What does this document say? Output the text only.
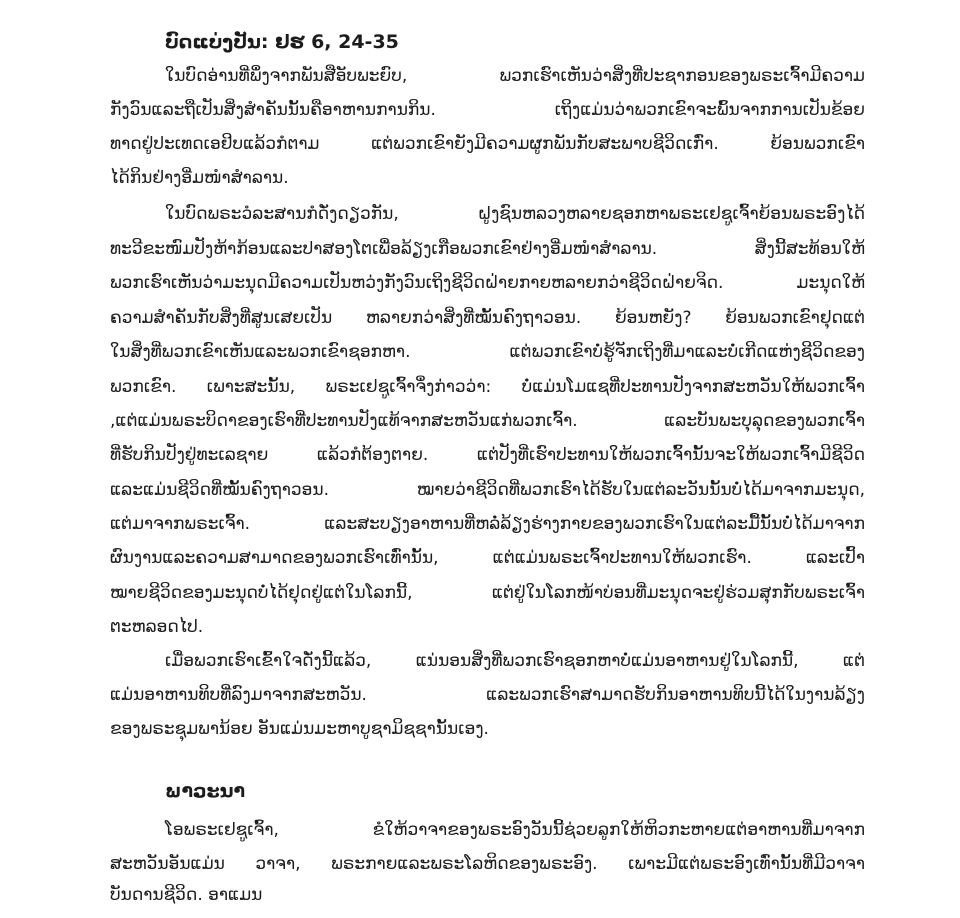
ບົດແບ່ງປັນ: ຢຮ 6, 24-35
ໃນບົດອ່ານທີ່ພຶ່ງຈາກພັນສືອັບພະຍົບ, ພວກເຮົາເຫັນວ່າສິ່ງທີ່ປະຊາກອນຂອງພຣະເຈົ້າມີຄວາມ
ກັງວົນແລະຖືເປັນສິ່ງສຳຄັນນັ້ນຄືອາຫານການກິນ. ເຖິງແມ່ນວ່າພວກເຂົາຈະພົ້ນຈາກການເປັນຂ້ອຍ
ທາດຢູ່ປະເທດເອຢິບແລ້ວກໍຕາມ ແຕ່ພວກເຂົາຍັງມີຄວາມຜູກພັນກັບສະພາບຊີວິດເກົ່າ. ຍ້ອນພວກເຂົາ
ໄດ້ກິນຢ່າງອີ່ມໜຳສຳລານ.
ໃນບົດພຣະວໍລະສານກໍດັ່ງດຽວກັນ, ຝູງຊົນຫລວງຫລາຍຊອກຫາພຣະເຢຊູເຈົ້າຍ້ອນພຣະອົງໄດ້
ທະວີຂະໜົມປັງຫ້າກ້ອນແລະປາສອງໂຕເພື່ອລ້ຽງເກືອພວກເຂົາຢ່າງອີ່ມໜຳສຳລານ. ສິ່ງນີ້ສະທ້ອນໃຫ້
ພວກເຮົາເຫັນວ່າມະນຸດມີຄວາມເປັນຫວ່ງກັງວົນເຖິງຊີວິດຝ່າຍກາຍຫລາຍກວ່າຊີວິດຝ່າຍຈິດ. ມະນຸດໃຫ້
ຄວາມສຳຄັນກັບສິ່ງທີ່ສູນເສຍເປັນ ຫລາຍກວ່າສິ່ງທີ່ໝັ້ນຄົງຖາວອນ. ຍ້ອນຫຍັງ? ຍ້ອນພວກເຂົາຢຸດແຕ່
ໃນສິ່ງທີ່ພວກເຂົາເຫັນແລະພວກເຂົາຊອກຫາ. ແຕ່ພວກເຂົາບໍ່ຮູ້ຈັກເຖິງທີ່ມາແລະບໍ່ເກີດແຫ່ງຊີວິດຂອງ
ພວກເຂົາ. ເພາະສະນັ້ນ, ພຣະເຢຊູເຈົ້າຈຶ່ງກ່າວວ່າ: ບໍ່ແມ່ນໂມແຊທີ່ປະທານປັງຈາກສະຫວັນໃຫ້ພວກເຈົ້າ
,ແຕ່ແມ່ນພຣະບິດາຂອງເຮົາທີ່ປະທານປັງແທ້ຈາກສະຫວັນແກ່ພວກເຈົ້າ. ແລະບັນພະບຸລຸດຂອງພວກເຈົ້າ
ທີ່ຮັບກິນປັງຢູ່ທະເລຊາຍ ແລ້ວກໍຕ້ອງຕາຍ. ແຕ່ປັງທີ່ເຮົາປະທານໃຫ້ພວກເຈົ້ານັ້ນຈະໃຫ້ພວກເຈົ້າມີຊີວິດ
ແລະແມ່ນຊີວິດທີ່ໝັ້ນຄົງຖາວອນ. ໝາຍວ່າຊີວິດທີ່ພວກເຮົາໄດ້ຮັບໃນແຕ່ລະວັນນັ້ນບໍ່ໄດ້ມາຈາກມະນຸດ,
ແຕ່ມາຈາກພຣະເຈົ້າ. ແລະສະບຽງອາຫານທີ່ຫລໍ່ລ້ຽງຮ່າງກາຍຂອງພວກເຮົາໃນແຕ່ລະມື້ນັ້ນບໍ່ໄດ້ມາຈາກ
ຜົນງານແລະຄວາມສາມາດຂອງພວກເຮົາເທົ່ານັ້ນ, ແຕ່ແມ່ນພຣະເຈົ້າປະທານໃຫ້ພວກເຮົາ. ແລະເປົ້າ
ໝາຍຊີວິດຂອງມະນຸດບໍ່ໄດ້ຢຸດຢູ່ແຕ່ໃນໂລກນີ້, ແຕ່ຢູ່ໃນໂລກໜ້າບ່ອນທີ່ມະນຸດຈະຢູ່ຮ່ວມສຸກກັບພຣະເຈົ້າ
ຕະຫລອດໄປ.
ເມື່ອພວກເຮົາເຂົ້າໃຈດັ່ງນີ້ແລ້ວ, ແນ່ນອນສິ່ງທີ່ພວກເຮົາຊອກຫາບໍ່ແມ່ນອາຫານຢູ່ໃນໂລກນີ້, ແຕ່
ແມ່ນອາຫານທິບທີ່ລົງມາຈາກສະຫວັນ. ແລະພວກເຮົາສາມາດຮັບກິນອາຫານທິບນີ້ໄດ້ໃນງານລ້ຽງ
ຂອງພຣະຊຸມພານ້ອຍ ອັນແມ່ນມະຫາບູຊາມິຊຊານັ້ນເອງ.
ພາວະນາ
ໂອພຣະເຢຊູເຈົ້າ, ຂໍໃຫ້ວາຈາຂອງພຣະອົງວັນນີ້ຊ່ວຍລູກໃຫ້ຫິວກະຫາຍແຕ່ອາຫານທີ່ມາຈາກ
ສະຫວັນອັນແມ່ນ ວາຈາ, ພຣະກາຍແລະພຣະໂລຫິດຂອງພຣະອົງ. ເພາະມີແຕ່ພຣະອົງເທົ່ານັ້ນທີ່ມີວາຈາ
ບັນດານຊີວິດ. ອາແມນ
